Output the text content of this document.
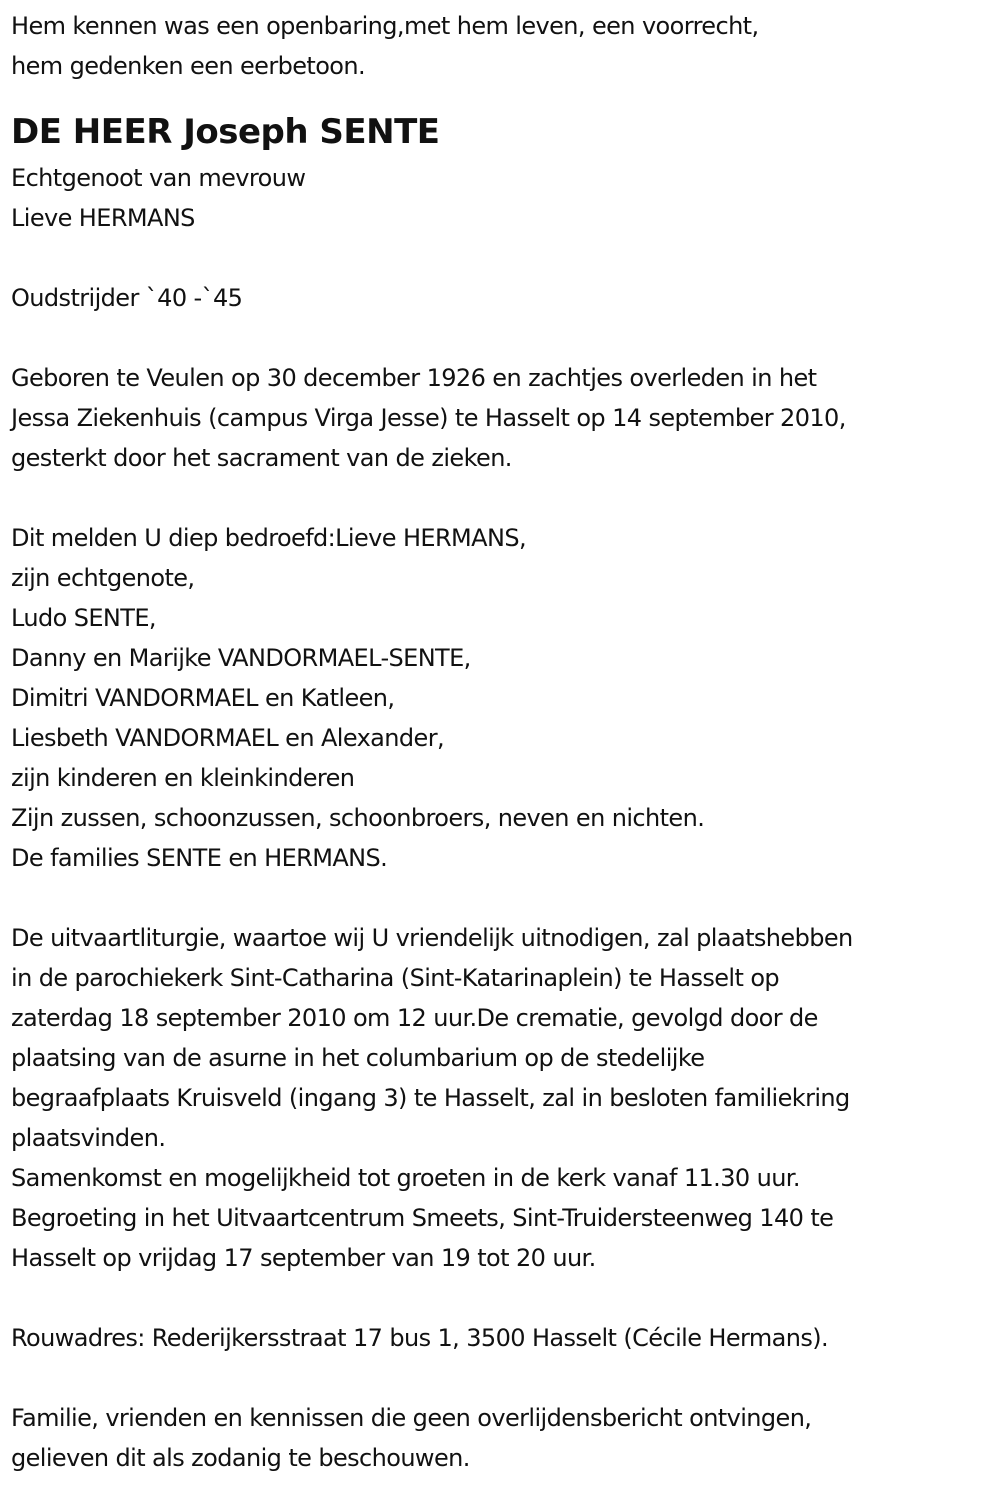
Hem kennen was een openbaring,met hem leven, een voorrecht,
hem gedenken een eerbetoon.
DE HEER Joseph SENTE
Echtgenoot van mevrouw
Lieve HERMANS
Oudstrijder `40 -`45
Geboren te Veulen op 30 december 1926 en zachtjes overleden in het
Jessa Ziekenhuis (campus Virga Jesse) te Hasselt op 14 september 2010,
gesterkt door het sacrament van de zieken.
Dit melden U diep bedroefd:Lieve HERMANS,
zijn echtgenote,
Ludo SENTE,
Danny en Marijke VANDORMAEL-SENTE,
Dimitri VANDORMAEL en Katleen,
Liesbeth VANDORMAEL en Alexander,
zijn kinderen en kleinkinderen
Zijn zussen, schoonzussen, schoonbroers, neven en nichten.
De families SENTE en HERMANS.
De uitvaartliturgie, waartoe wij U vriendelijk uitnodigen, zal plaatshebben
in de parochiekerk Sint-Catharina (Sint-Katarinaplein) te Hasselt op
zaterdag 18 september 2010 om 12 uur.De crematie, gevolgd door de
plaatsing van de asurne in het columbarium op de stedelijke
begraafplaats Kruisveld (ingang 3) te Hasselt, zal in besloten familiekring
plaatsvinden.
Samenkomst en mogelijkheid tot groeten in de kerk vanaf 11.30 uur.
Begroeting in het Uitvaartcentrum Smeets, Sint-Truidersteenweg 140 te
Hasselt op vrijdag 17 september van 19 tot 20 uur.
Rouwadres: Rederijkersstraat 17 bus 1, 3500 Hasselt (Cécile Hermans).
Familie, vrienden en kennissen die geen overlijdensbericht ontvingen,
gelieven dit als zodanig te beschouwen.
